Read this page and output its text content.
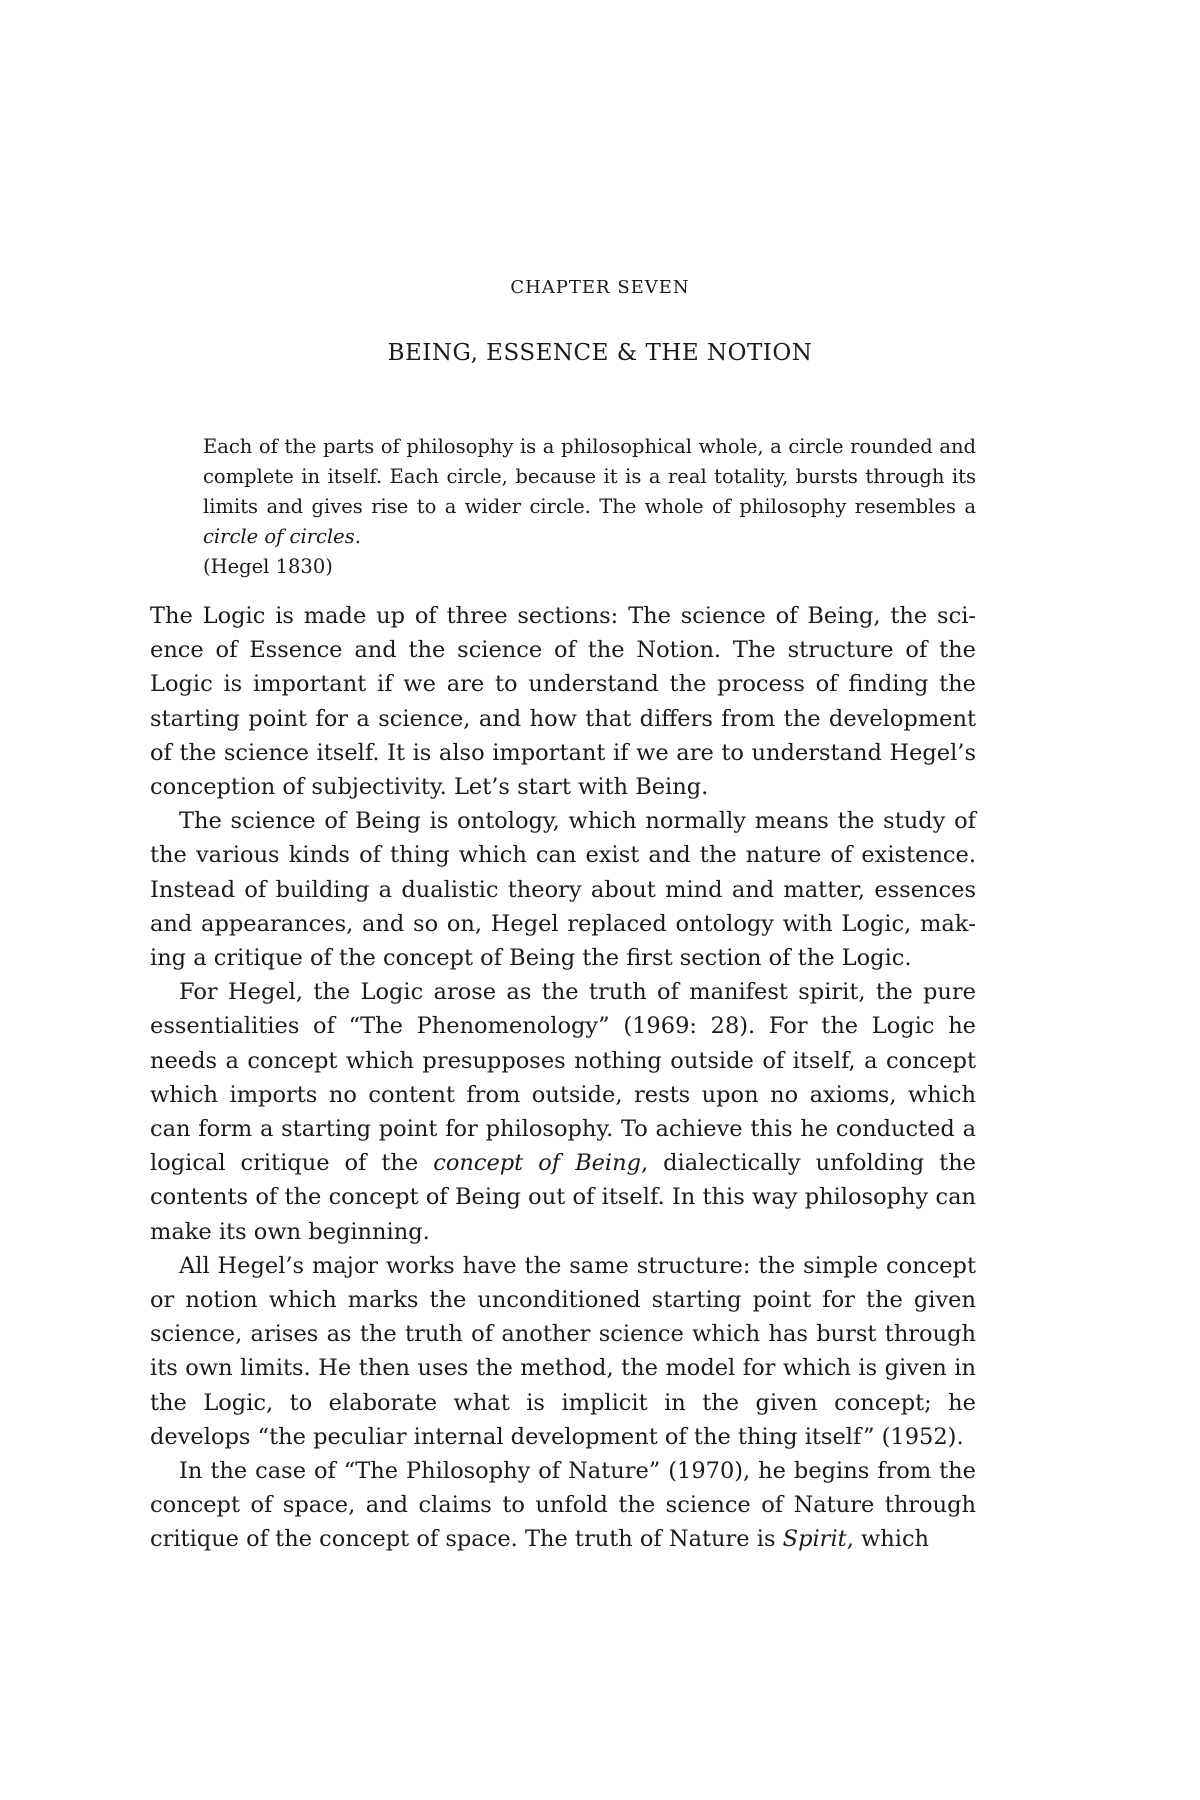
CHAPTER SEVEN
BEING, ESSENCE & THE NOTION

Each of the parts of philosophy is a philosophical whole, a circle rounded and complete in itself. Each circle, because it is a real totality, bursts through its limits and gives rise to a wider circle. The whole of philosophy resembles a circle of circles.

(Hegel 1830)

The Logic is made up of three sections: The science of Being, the science of Essence and the science of the Notion. The structure of the Logic is important if we are to understand the process of finding the starting point for a science, and how that differs from the development of the science itself. It is also important if we are to understand Hegel’s conception of subjectivity. Let’s start with Being.

The science of Being is ontology, which normally means the study of the various kinds of thing which can exist and the nature of existence. Instead of building a dualistic theory about mind and matter, essences and appearances, and so on, Hegel replaced ontology with Logic, making a critique of the concept of Being the first section of the Logic.

For Hegel, the Logic arose as the truth of manifest spirit, the pure essentialities of “The Phenomenology” (1969: 28). For the Logic he needs a concept which presupposes nothing outside of itself, a concept which imports no content from outside, rests upon no axioms, which can form a starting point for philosophy. To achieve this he conducted a logical critique of the concept of Being, dialectically unfolding the contents of the concept of Being out of itself. In this way philosophy can make its own beginning.

All Hegel’s major works have the same structure: the simple concept or notion which marks the unconditioned starting point for the given science, arises as the truth of another science which has burst through its own limits. He then uses the method, the model for which is given in the Logic, to elaborate what is implicit in the given concept; he develops “the peculiar internal development of the thing itself” (1952).

In the case of “The Philosophy of Nature” (1970), he begins from the concept of space, and claims to unfold the science of Nature through critique of the concept of space. The truth of Nature is Spirit, which
